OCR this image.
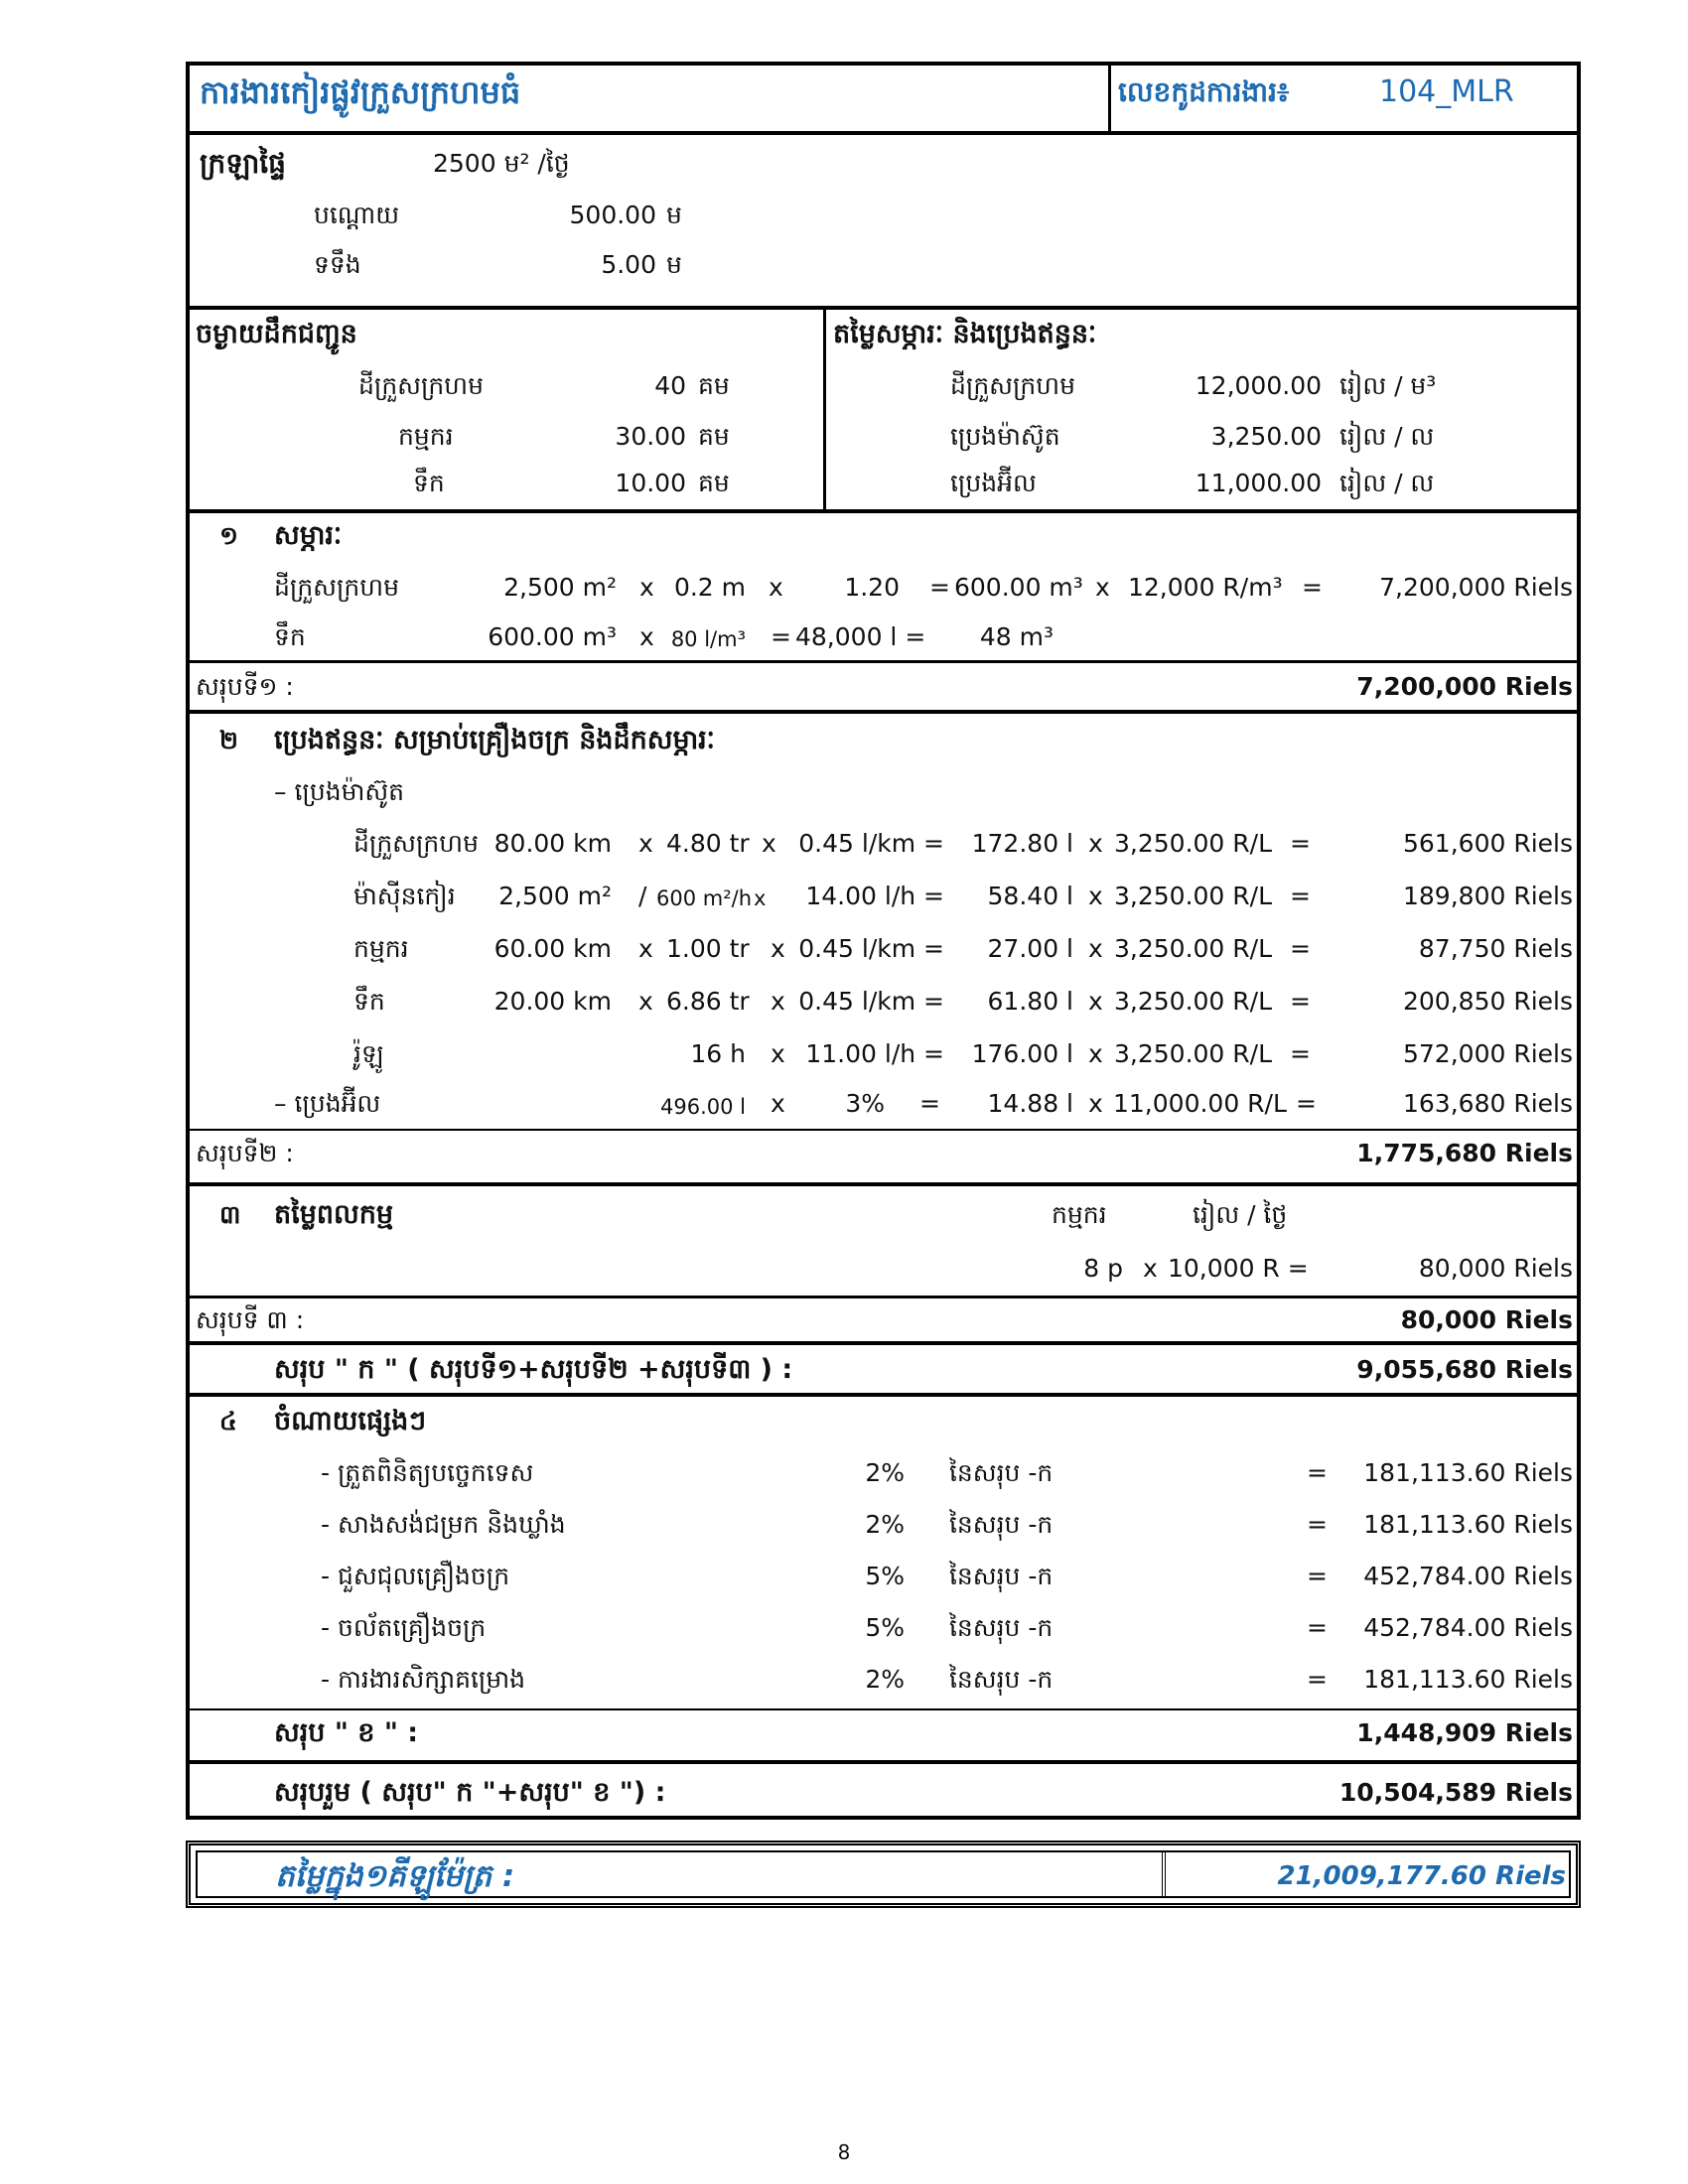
ការងារកៀរផ្លូវក្រួសក្រហមធំ	លេខកូដការងារ៖	104_MLR
ក្រឡាផ្ទៃ	2500 ម² /ថ្ងៃ
បណ្ដោយ	500.00 ម
ទទឹង	5.00 ម
ចម្ងាយដឹកជញ្ជូន
ដីក្រួសក្រហម	40 គម
កម្មករ	30.00 គម
ទឹក	10.00 គម
តម្លៃសម្ភារៈ និងប្រេងឥន្ធនៈ
ដីក្រួសក្រហម	12,000.00 រៀល / ម³
ប្រេងម៉ាស៊ូត	3,250.00 រៀល / ល
ប្រេងអ៊ីល	11,000.00 រៀល / ល
១ សម្ភារៈ
ដីក្រួសក្រហម	2,500 m² x 0.2 m x	1.20 = 600.00 m³ x 12,000 R/m³ =	7,200,000 Riels
ទឹក	600.00 m³ x 80 l/m³ = 48,000 l = 48 m³
សរុបទី១ :	7,200,000 Riels
២ ប្រេងឥន្ធនៈ សម្រាប់គ្រឿងចក្រ និងដឹកសម្ភារៈ
– ប្រេងម៉ាស៊ូត
ដីក្រួសក្រហម 80.00 km x 4.80 tr x 0.45 l/km =	172.80 l x 3,250.00 R/L =	561,600 Riels
ម៉ាស៊ីនកៀរ	2,500 m² / 600 m²/h x	14.00 l/h =	58.40 l x 3,250.00 R/L =	189,800 Riels
កម្មករ	60.00 km x 1.00 tr x 0.45 l/km =	27.00 l x 3,250.00 R/L =	87,750 Riels
ទឹក	20.00 km x 6.86 tr x 0.45 l/km =	61.80 l x 3,250.00 R/L =	200,850 Riels
រ៉ូឡូ	16 h x 11.00 l/h =	176.00 l x 3,250.00 R/L =	572,000 Riels
– ប្រេងអ៊ីល	496.00 l x	3% =	14.88 l x 11,000.00 R/L =	163,680 Riels
សរុបទី២ :	1,775,680 Riels
៣ តម្លៃពលកម្ម	កម្មករ	រៀល / ថ្ងៃ
8 p x 10,000 R =	80,000 Riels
សរុបទី ៣ :	80,000 Riels
សរុប " ក " ( សរុបទី១+សរុបទី២ +សរុបទី៣ ) :	9,055,680 Riels
៤ ចំណាយផ្សេងៗ
- ត្រួតពិនិត្យបច្ចេកទេស	2% នៃសរុប -ក	=	181,113.60 Riels
- សាងសង់ជម្រក និងឃ្លាំង	2% នៃសរុប -ក	=	181,113.60 Riels
- ជួសជុលគ្រឿងចក្រ	5% នៃសរុប -ក	=	452,784.00 Riels
- ចល័តគ្រឿងចក្រ	5% នៃសរុប -ក	=	452,784.00 Riels
- ការងារសិក្សាគម្រោង	2% នៃសរុប -ក	=	181,113.60 Riels
សរុប " ខ " :	1,448,909 Riels
សរុបរួម ( សរុប" ក "+សរុប" ខ ") :	10,504,589 Riels
តម្លៃក្នុង១គីឡូម៉ែត្រ :	21,009,177.60 Riels
8
